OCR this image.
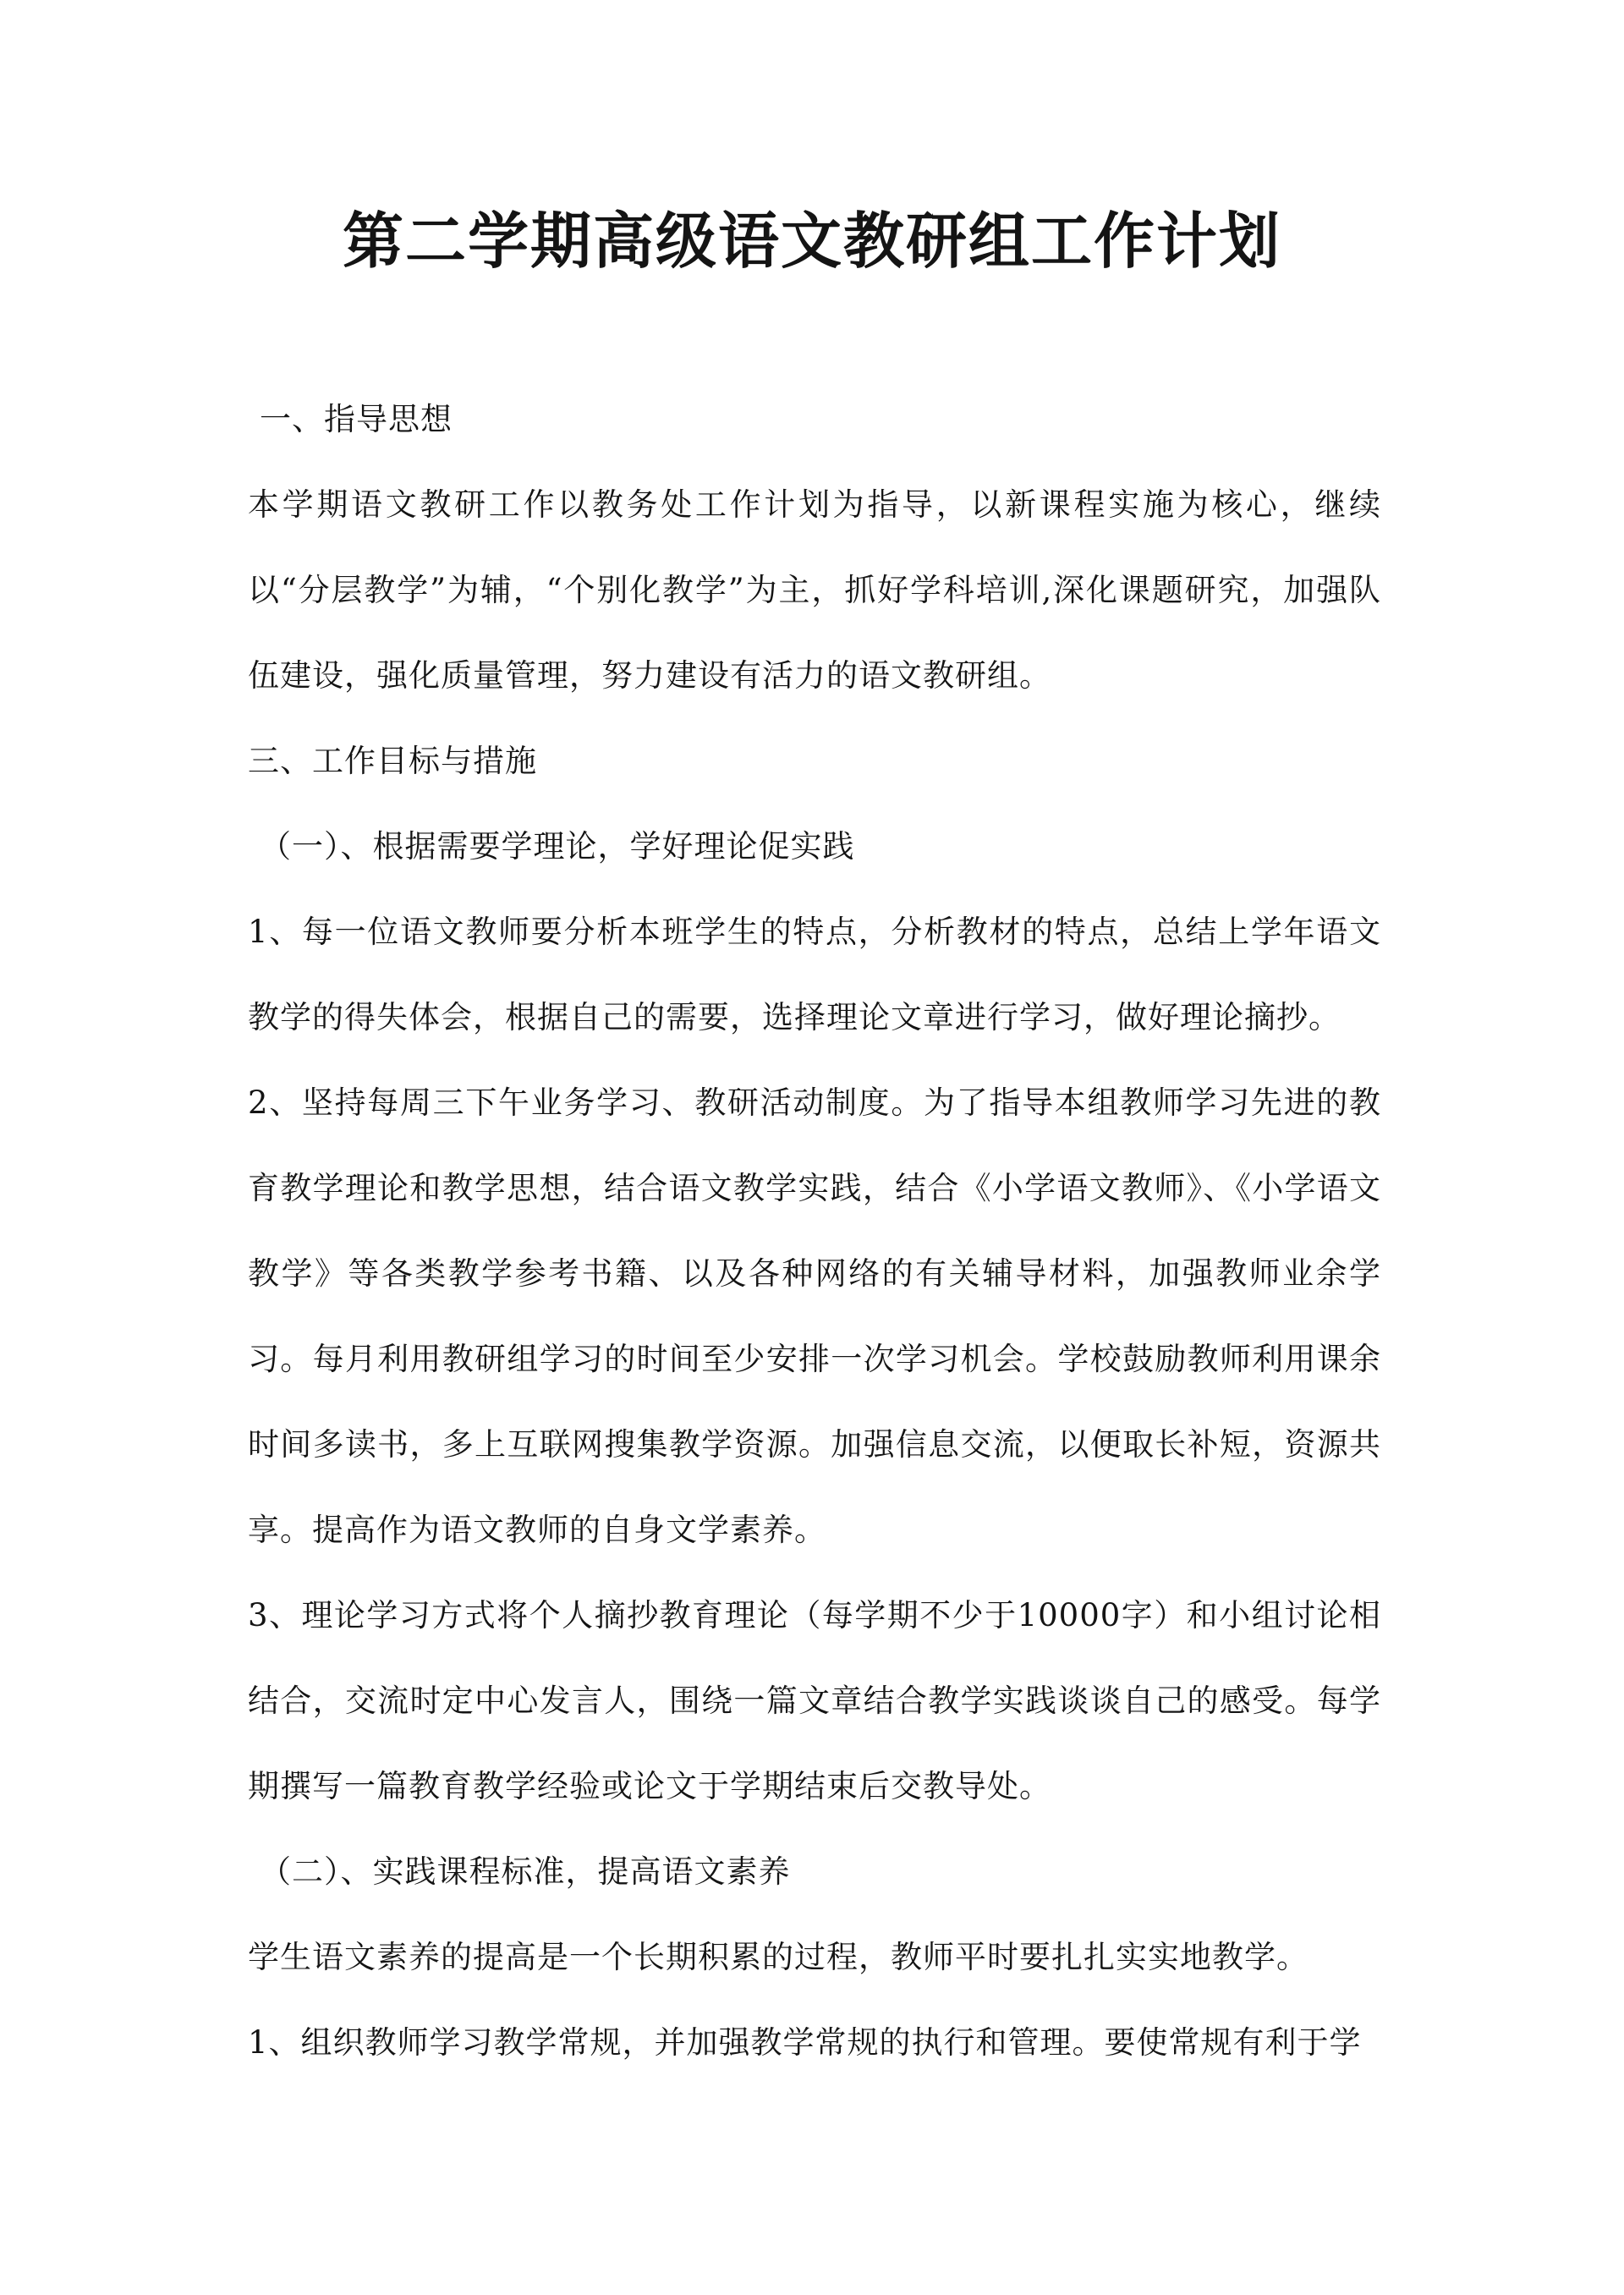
第二学期高级语文教研组工作计划

一、指导思想

本学期语文教研工作以教务处工作计划为指导，以新课程实施为核心，继续以“分层教学”为辅，“个别化教学”为主，抓好学科培训,深化课题研究，加强队伍建设，强化质量管理，努力建设有活力的语文教研组。

三、工作目标与措施

（一）、根据需要学理论，学好理论促实践

1、每一位语文教师要分析本班学生的特点，分析教材的特点，总结上学年语文教学的得失体会，根据自己的需要，选择理论文章进行学习，做好理论摘抄。

2、坚持每周三下午业务学习、教研活动制度。为了指导本组教师学习先进的教育教学理论和教学思想，结合语文教学实践，结合《小学语文教师》、《小学语文教学》等各类教学参考书籍、以及各种网络的有关辅导材料，加强教师业余学习。每月利用教研组学习的时间至少安排一次学习机会。学校鼓励教师利用课余时间多读书，多上互联网搜集教学资源。加强信息交流，以便取长补短，资源共享。提高作为语文教师的自身文学素养。

3、理论学习方式将个人摘抄教育理论（每学期不少于10000字）和小组讨论相结合，交流时定中心发言人，围绕一篇文章结合教学实践谈谈自己的感受。每学期撰写一篇教育教学经验或论文于学期结束后交教导处。

（二）、实践课程标准，提高语文素养

学生语文素养的提高是一个长期积累的过程，教师平时要扎扎实实地教学。

1、组织教师学习教学常规，并加强教学常规的执行和管理。要使常规有利于学
